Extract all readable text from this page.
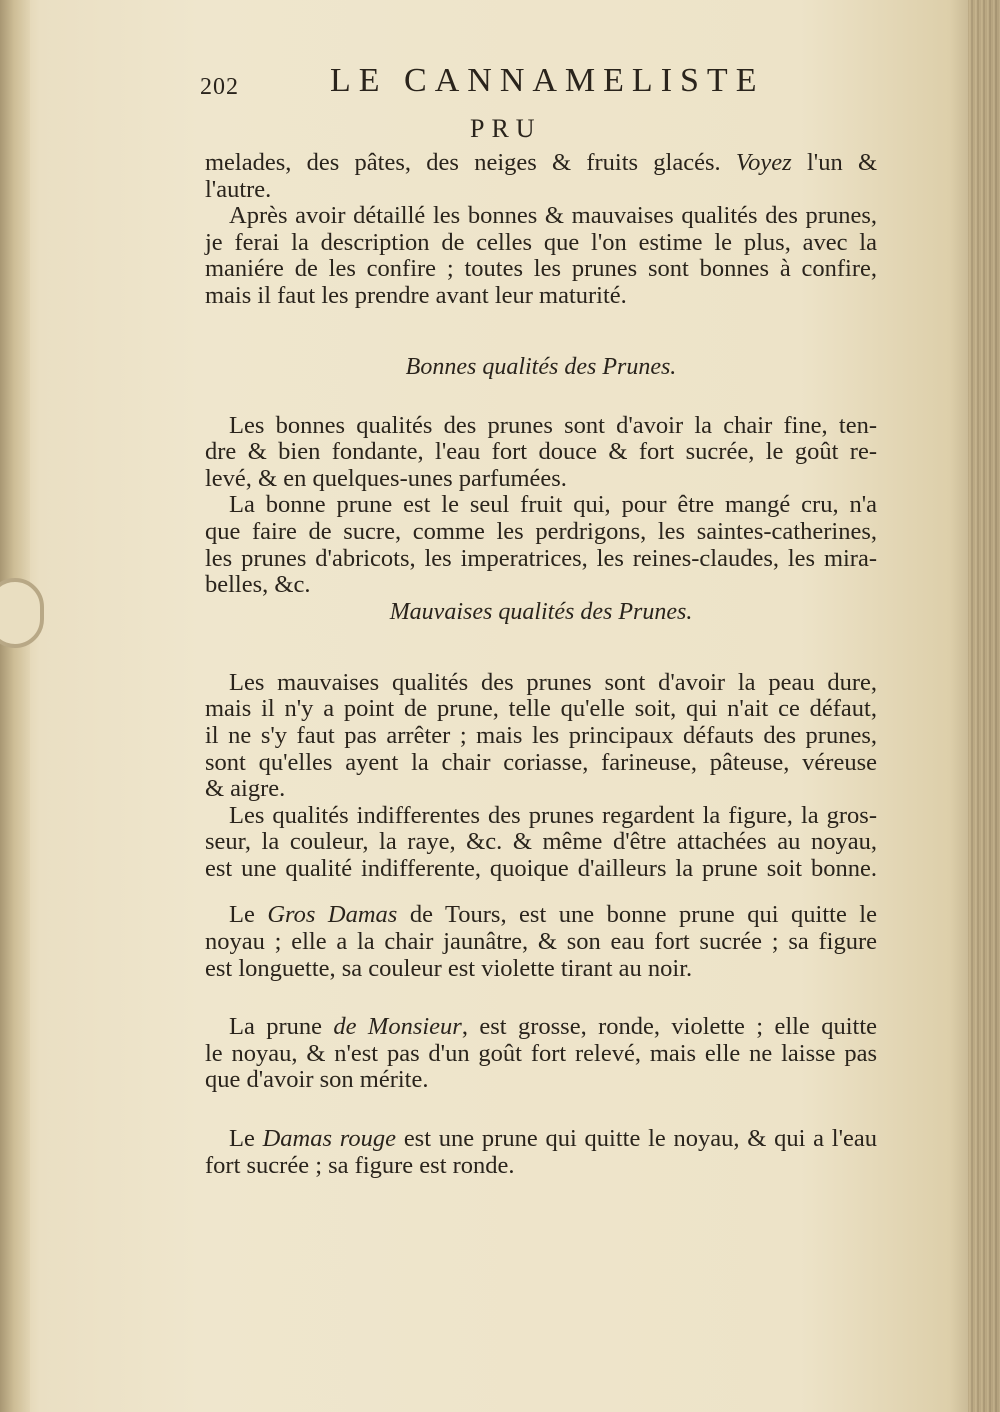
202	LE CANNAMELISTE
PRU
melades, des pâtes, des neiges & fruits glacés. Voyez l'un &
l'autre.
Après avoir détaillé les bonnes & mauvaises qualités des prunes,
je ferai la description de celles que l'on estime le plus, avec la
maniére de les confire ; toutes les prunes sont bonnes à confire,
mais il faut les prendre avant leur maturité.
Bonnes qualités des Prunes.
Les bonnes qualités des prunes sont d'avoir la chair fine, ten-
dre & bien fondante, l'eau fort douce & fort sucrée, le goût re-
levé, & en quelques-unes parfumées.
La bonne prune est le seul fruit qui, pour être mangé cru, n'a
que faire de sucre, comme les perdrigons, les saintes-catherines,
les prunes d'abricots, les imperatrices, les reines-claudes, les mira-
belles, &c.
Mauvaises qualités des Prunes.
Les mauvaises qualités des prunes sont d'avoir la peau dure,
mais il n'y a point de prune, telle qu'elle soit, qui n'ait ce défaut,
il ne s'y faut pas arrêter ; mais les principaux défauts des prunes,
sont qu'elles ayent la chair coriasse, farineuse, pâteuse, véreuse
& aigre.
Les qualités indifferentes des prunes regardent la figure, la gros-
seur, la couleur, la raye, &c. & même d'être attachées au noyau,
est une qualité indifferente, quoique d'ailleurs la prune soit bonne.
Le Gros Damas de Tours, est une bonne prune qui quitte le
noyau ; elle a la chair jaunâtre, & son eau fort sucrée ; sa figure
est longuette, sa couleur est violette tirant au noir.
La prune de Monsieur, est grosse, ronde, violette ; elle quitte
le noyau, & n'est pas d'un goût fort relevé, mais elle ne laisse pas
que d'avoir son mérite.
Le Damas rouge est une prune qui quitte le noyau, & qui a l'eau
fort sucrée ; sa figure est ronde.
